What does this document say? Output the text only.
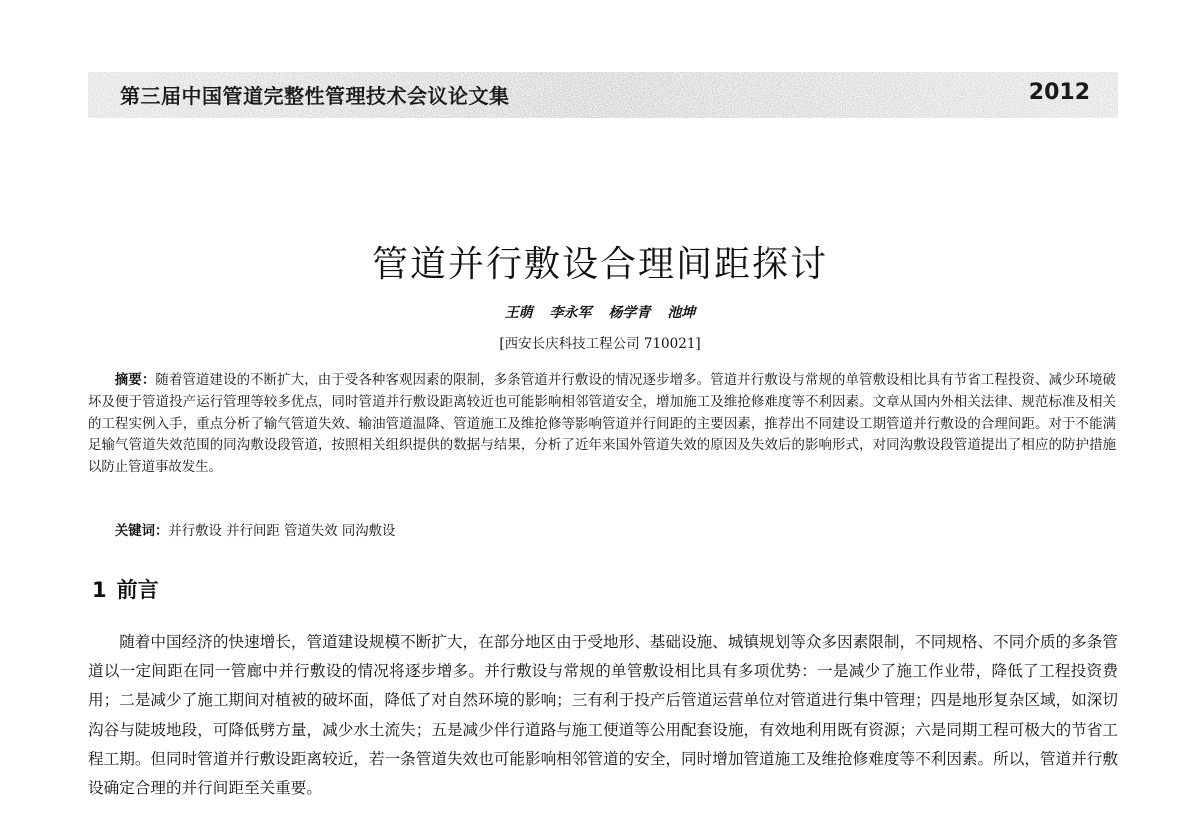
第三届中国管道完整性管理技术会议论文集	2012
管道并行敷设合理间距探讨
王萌 李永军 杨学青 池坤
[西安长庆科技工程公司 710021]
摘要：随着管道建设的不断扩大，由于受各种客观因素的限制，多条管道并行敷设的情况逐步增多。管道并行敷设与常规的单管敷设相比具有节省工程投资、减少环境破坏及便于管道投产运行管理等较多优点，同时管道并行敷设距离较近也可能影响相邻管道安全，增加施工及维抢修难度等不利因素。文章从国内外相关法律、规范标准及相关的工程实例入手，重点分析了输气管道失效、输油管道温降、管道施工及维抢修等影响管道并行间距的主要因素，推荐出不同建设工期管道并行敷设的合理间距。对于不能满足输气管道失效范围的同沟敷设段管道，按照相关组织提供的数据与结果，分析了近年来国外管道失效的原因及失效后的影响形式，对同沟敷设段管道提出了相应的防护措施以防止管道事故发生。
关键词：并行敷设 并行间距 管道失效 同沟敷设
1 前言
随着中国经济的快速增长，管道建设规模不断扩大，在部分地区由于受地形、基础设施、城镇规划等众多因素限制，不同规格、不同介质的多条管道以一定间距在同一管廊中并行敷设的情况将逐步增多。并行敷设与常规的单管敷设相比具有多项优势：一是减少了施工作业带，降低了工程投资费用；二是减少了施工期间对植被的破坏面，降低了对自然环境的影响；三有利于投产后管道运营单位对管道进行集中管理；四是地形复杂区域，如深切沟谷与陡坡地段，可降低劈方量，减少水土流失；五是减少伴行道路与施工便道等公用配套设施，有效地利用既有资源；六是同期工程可极大的节省工程工期。但同时管道并行敷设距离较近，若一条管道失效也可能影响相邻管道的安全，同时增加管道施工及维抢修难度等不利因素。所以，管道并行敷设确定合理的并行间距至关重要。
